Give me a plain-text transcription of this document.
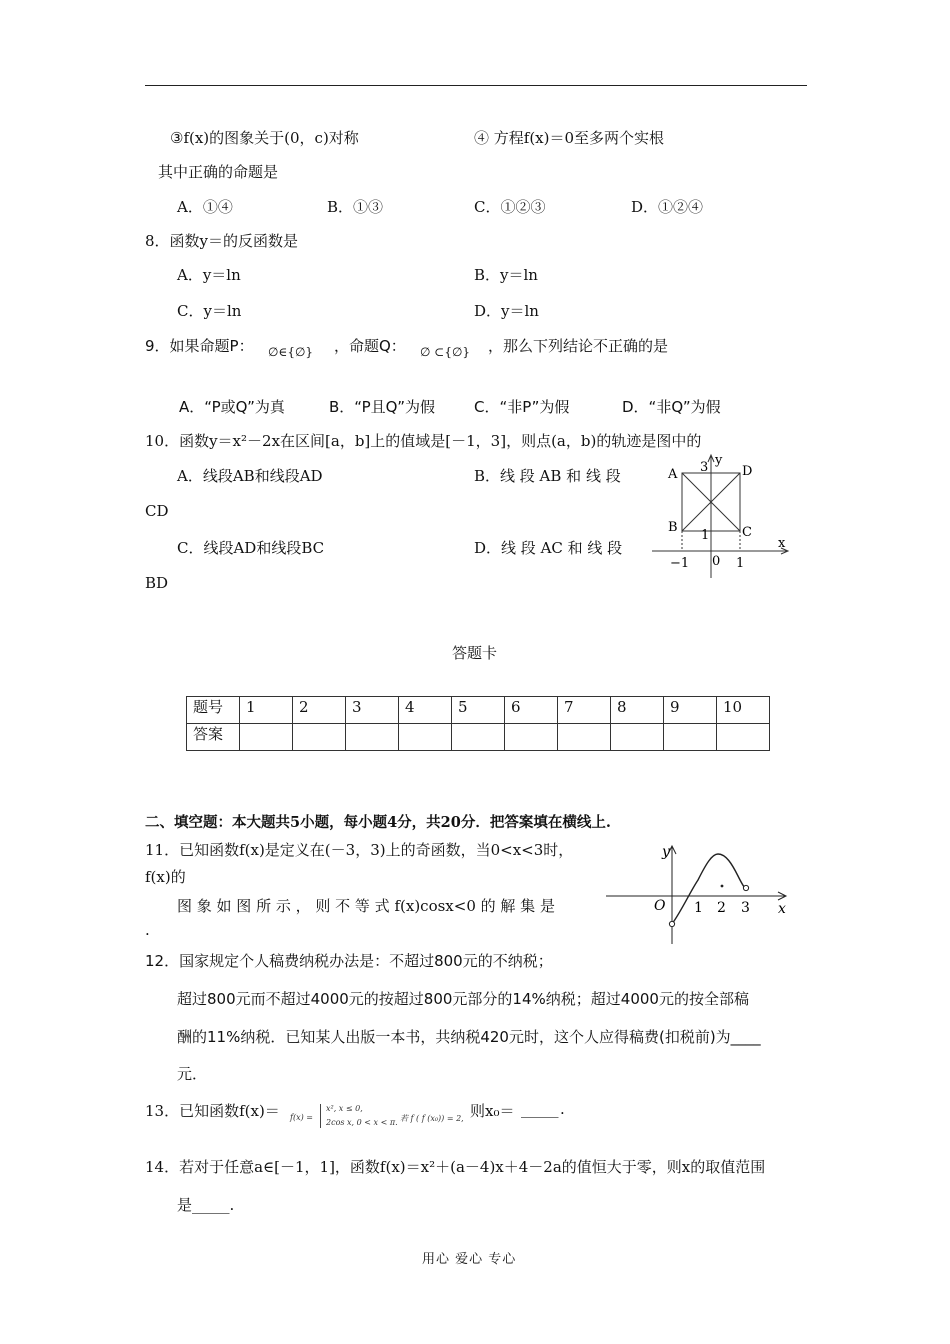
③f(x)的图象关于(0，c)对称	④ 方程f(x)＝0至多两个实根
其中正确的命题是
A．①④	B．①③	C．①②③	D．①②④
8．函数y＝的反函数是
A．y＝ln	B．y＝ln
C．y＝ln	D．y＝ln
9．如果命题P： ∅∈{∅} ，命题Q： ∅ ⊂{∅} ，那么下列结论不正确的是
A．“P或Q”为真	B．“P且Q”为假	C．“非P”为假	D．“非Q”为假
10．函数y＝x²－2x在区间[a，b]上的值域是[－1，3]，则点(a，b)的轨迹是图中的
A．线段AB和线段AD	B．线 段 AB 和 线 段
CD
C．线段AD和线段BC	D．线 段 AC 和 线 段
BD
A	D
B	C
y
3
1
x
−1 0 1
答题卡
题号	1	2	3	4	5	6	7	8	9	10
答案										
二、填空题：本大题共5小题，每小题4分，共20分．把答案填在横线上.
11．已知函数f(x)是定义在(－3，3)上的奇函数，当0<x<3时，
f(x)的
图 象 如 图 所 示 ， 则 不 等 式 f(x)cosx<0 的 解 集 是
.
y
x
O 1 2 3
12．国家规定个人稿费纳税办法是：不超过800元的不纳税；
超过800元而不超过4000元的按超过800元部分的14%纳税；超过4000元的按全部稿
酬的11%纳税．已知某人出版一本书，共纳税420元时，这个人应得稿费(扣税前)为____
元．
13．已知函数f(x)＝ f(x) =
x², x ≤ 0,
2cos x, 0 < x < π. 若 f ( f (x₀)) = 2, 则x₀＝ _____ .
14．若对于任意a∈[－1，1]，函数f(x)＝x²＋(a－4)x＋4－2a的值恒大于零，则x的取值范围
是_____.
用心 爱心 专心
